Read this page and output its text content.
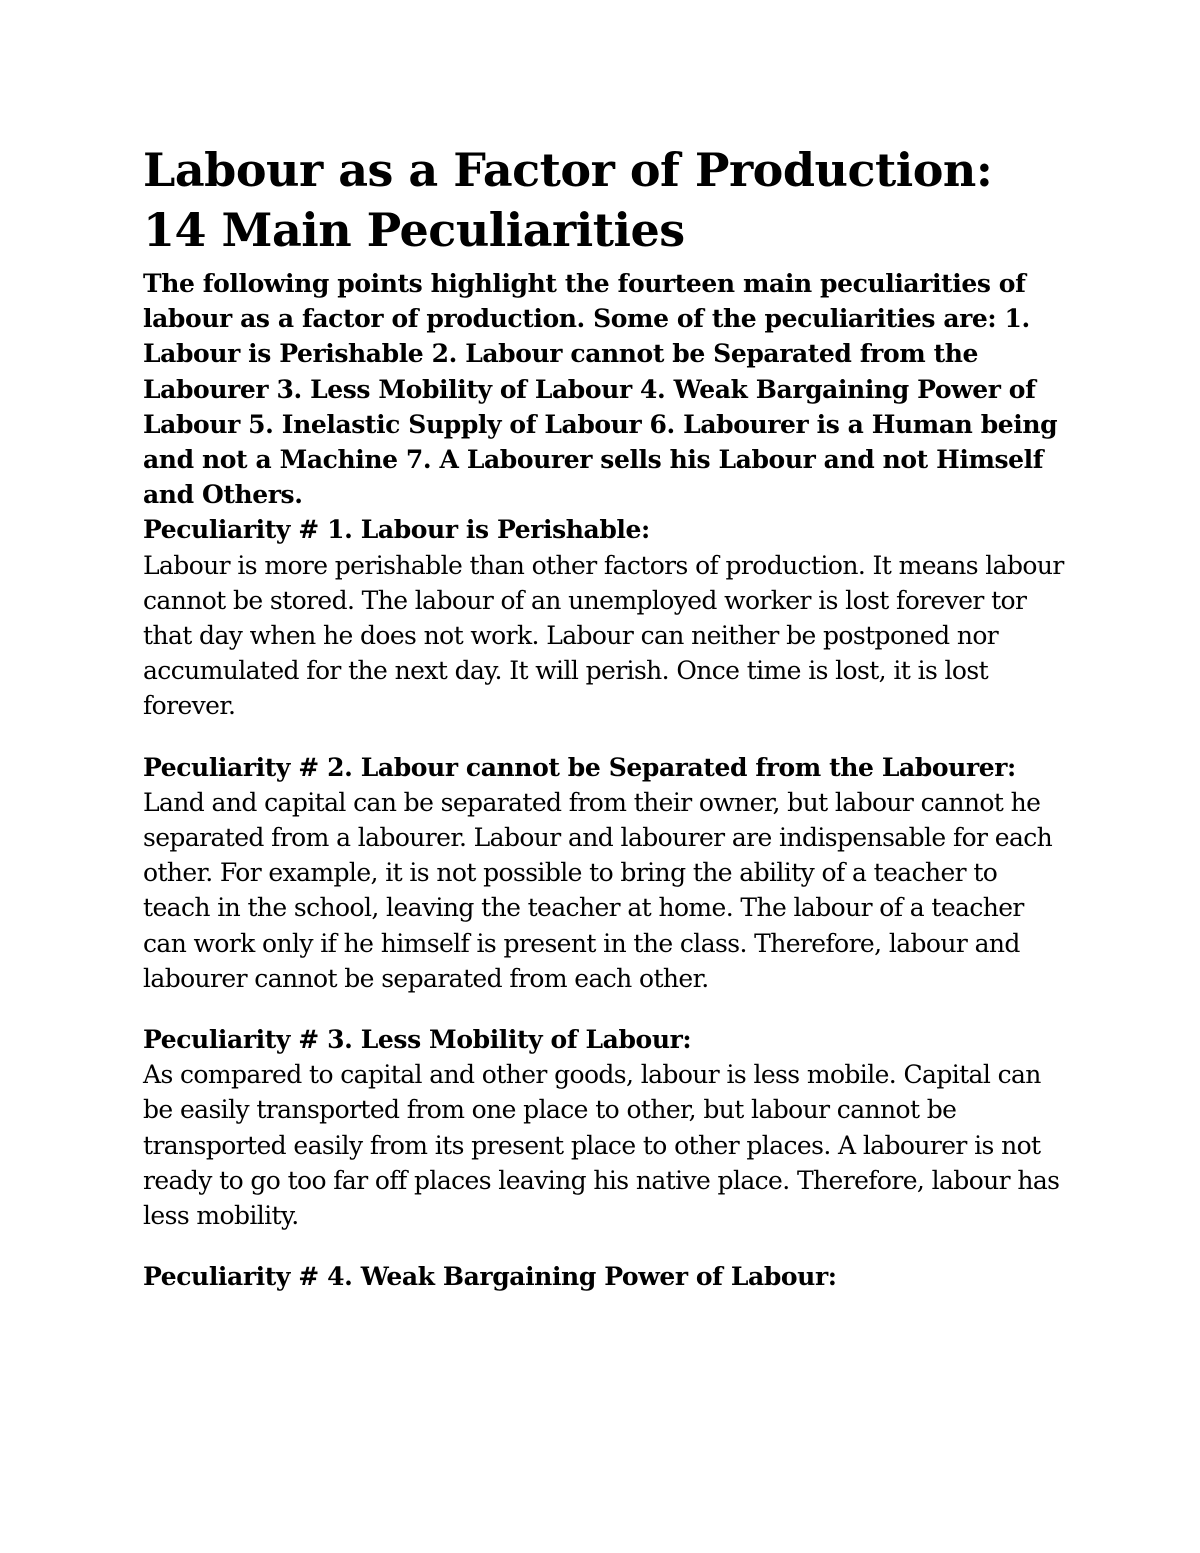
Labour as a Factor of Production: 14 Main Peculiarities

The following points highlight the fourteen main peculiarities of labour as a factor of production. Some of the peculiarities are: 1. Labour is Perishable 2. Labour cannot be Separated from the Labourer 3. Less Mobility of Labour 4. Weak Bargaining Power of Labour 5. Inelastic Supply of Labour 6. Labourer is a Human being and not a Machine 7. A Labourer sells his Labour and not Himself and Others.

Peculiarity # 1. Labour is Perishable:

Labour is more perishable than other factors of production. It means labour cannot be stored. The labour of an unemployed worker is lost forever tor that day when he does not work. Labour can neither be postponed nor accumulated for the next day. It will perish. Once time is lost, it is lost forever.

Peculiarity # 2. Labour cannot be Separated from the Labourer:

Land and capital can be separated from their owner, but labour cannot he separated from a labourer. Labour and labourer are indispensable for each other. For example, it is not possible to bring the ability of a teacher to teach in the school, leaving the teacher at home. The labour of a teacher can work only if he himself is present in the class. Therefore, labour and labourer cannot be separated from each other.

Peculiarity # 3. Less Mobility of Labour:

As compared to capital and other goods, labour is less mobile. Capital can be easily transported from one place to other, but labour cannot be transported easily from its present place to other places. A labourer is not ready to go too far off places leaving his native place. Therefore, labour has less mobility.

Peculiarity # 4. Weak Bargaining Power of Labour:
